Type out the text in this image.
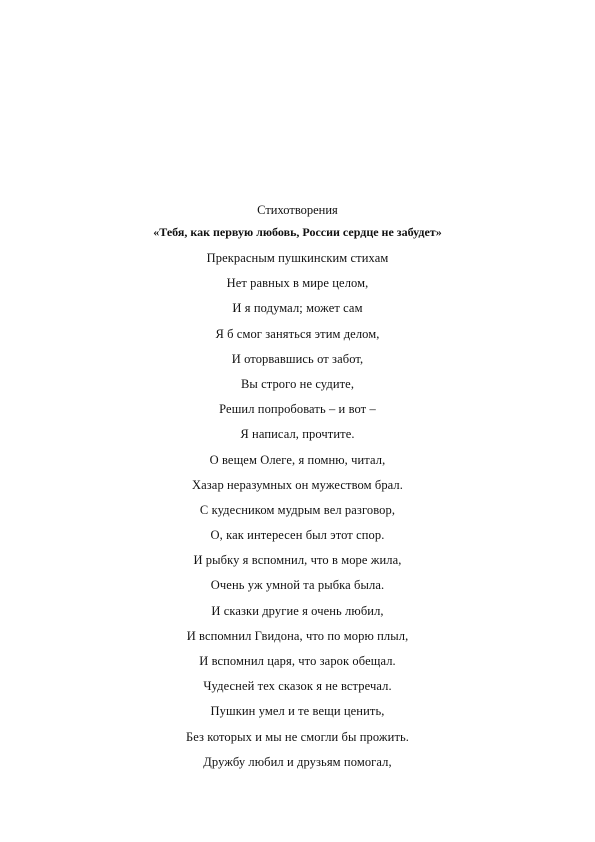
Стихотворения
«Тебя, как первую любовь, России сердце не забудет»
Прекрасным пушкинским стихам
Нет равных в мире целом,
И я подумал; может сам
Я б смог заняться этим делом,
И оторвавшись от забот,
Вы строго не судите,
Решил попробовать – и вот –
Я написал, прочтите.
О вещем Олеге, я помню, читал,
Хазар неразумных он мужеством брал.
С кудесником мудрым вел разговор,
О, как интересен был этот спор.
И рыбку я вспомнил, что в море жила,
Очень уж умной та рыбка была.
И сказки другие я очень любил,
И вспомнил Гвидона, что по морю плыл,
И вспомнил царя, что зарок обещал.
Чудесней тех сказок я не встречал.
Пушкин умел и те вещи ценить,
Без которых и мы не смогли бы прожить.
Дружбу любил и друзьям помогал,
